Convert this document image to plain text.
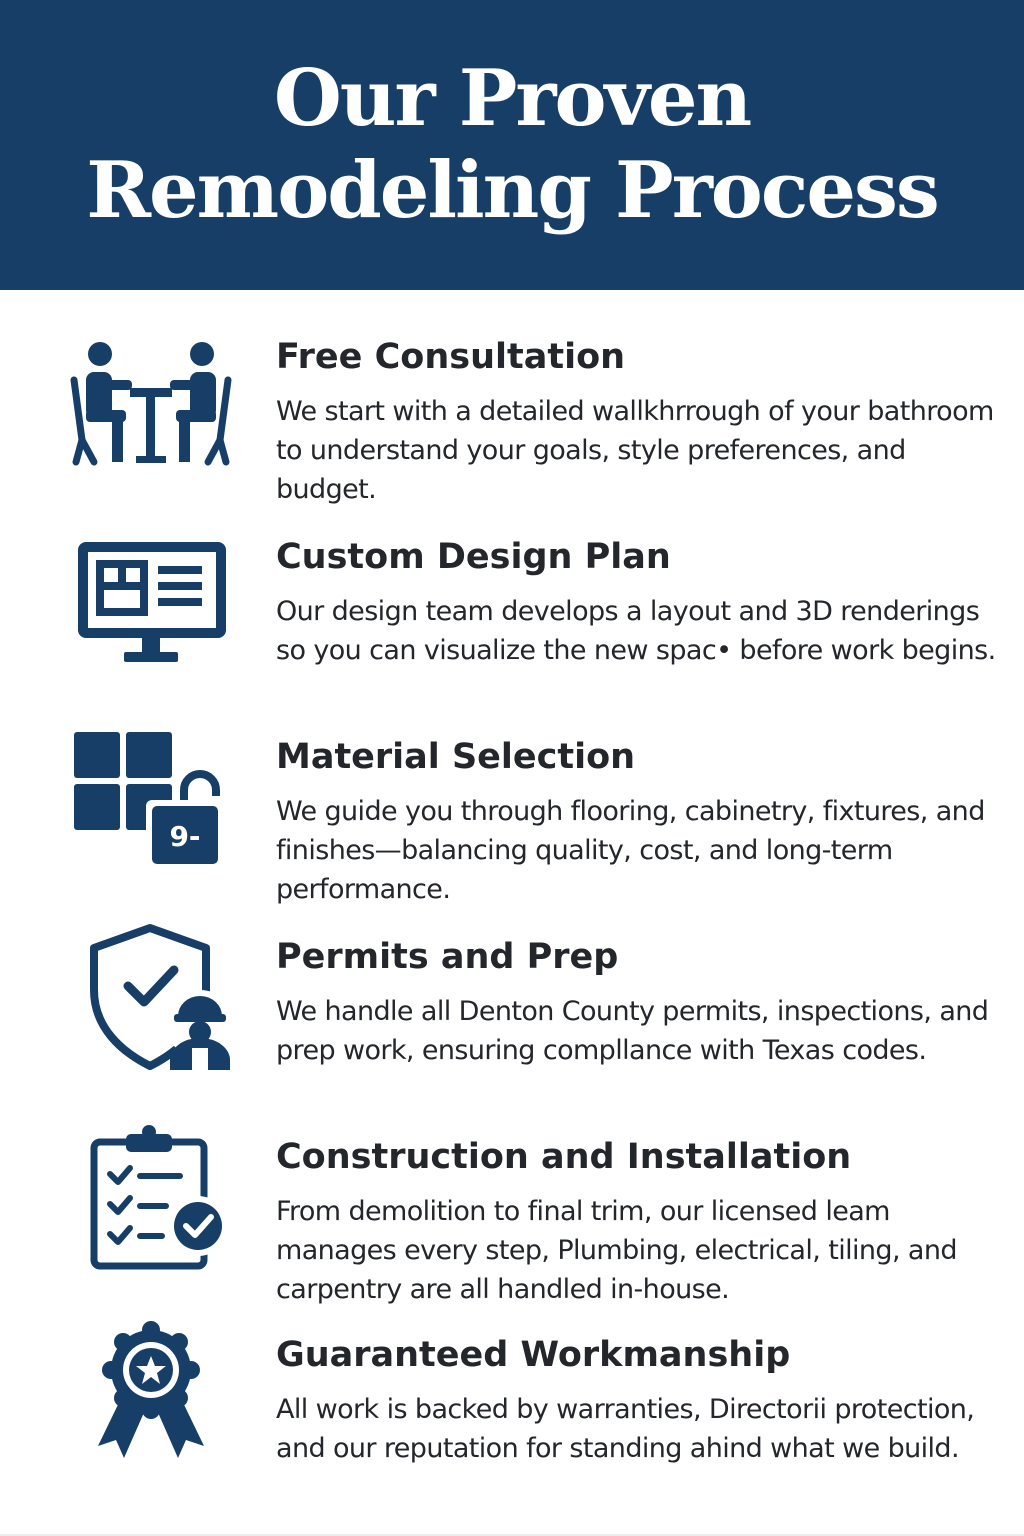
Our Proven
Remodeling Process
Free Consultation
We start with a detailed wallkhrrough of your bathroom to understand your goals, style preferences, and budget.
Custom Design Plan
Our design team develops a layout and 3D renderings so you can visualize the new spac• before work begins.
9-
Material Selection
We guide you through flooring, cabinetry, fixtures, and finishes—balancing quality, cost, and long-term performance.
Permits and Prep
We handle all Denton County permits, inspections, and prep work, ensuring compllance with Texas codes.
Construction and Installation
From demolition to final trim, our licensed leam manages every step, Plumbing, electrical, tiling, and carpentry are all handled in-house.
Guaranteed Workmanship
All work is backed by warranties, Directorii protection, and our reputation for standing ahind what we build.
